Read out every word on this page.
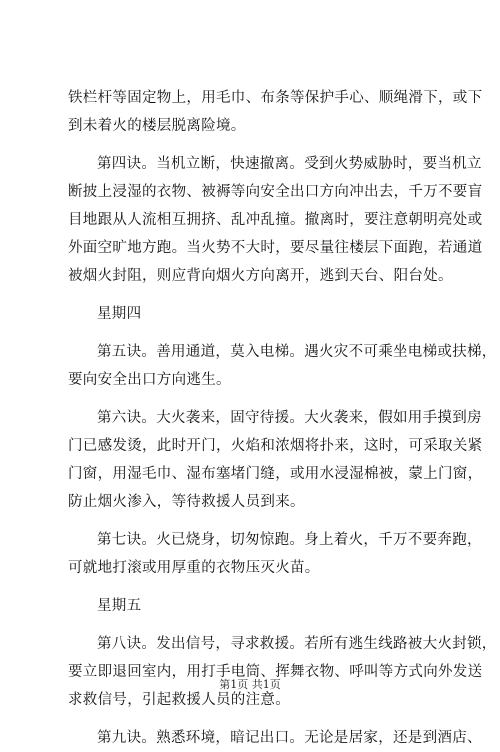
铁栏杆等固定物上，用毛巾、布条等保护手心、顺绳滑下，或下
到未着火的楼层脱离险境。
第四诀。当机立断，快速撤离。受到火势威胁时，要当机立
断披上浸湿的衣物、被褥等向安全出口方向冲出去，千万不要盲
目地跟从人流相互拥挤、乱冲乱撞。撤离时，要注意朝明亮处或
外面空旷地方跑。当火势不大时，要尽量往楼层下面跑，若通道
被烟火封阻，则应背向烟火方向离开，逃到天台、阳台处。
星期四
第五诀。善用通道，莫入电梯。遇火灾不可乘坐电梯或扶梯，
要向安全出口方向逃生。
第六诀。大火袭来，固守待援。大火袭来，假如用手摸到房
门已感发烫，此时开门，火焰和浓烟将扑来，这时，可采取关紧
门窗，用湿毛巾、湿布塞堵门缝，或用水浸湿棉被，蒙上门窗，
防止烟火渗入，等待救援人员到来。
第七诀。火已烧身，切匆惊跑。身上着火，千万不要奔跑，
可就地打滚或用厚重的衣物压灭火苗。
星期五
第八诀。发出信号，寻求救援。若所有逃生线路被大火封锁，
要立即退回室内，用打手电筒、挥舞衣物、呼叫等方式向外发送
求救信号，引起救援人员的注意。
第九诀。熟悉环境，暗记出口。无论是居家，还是到酒店、
第1页 共1页
